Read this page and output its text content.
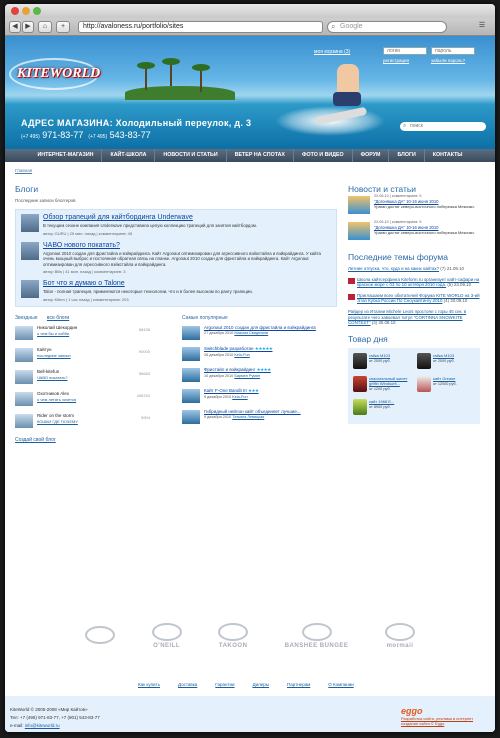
◀	▶	⌂	+	http://avaloness.ru/portfolio/sites
⌕	Google	☰
KITEWORLD
АДРЕС МАГАЗИНА: Холодильный переулок, д. 3
(+7 495) 971-83-77 (+7 495) 543-83-77
моя корзина (3)	логин	пароль
регистрация	забыли пароль?
⌕ поиск
ИНТЕРНЕТ-МАГАЗИН	КАЙТ-ШКОЛА	НОВОСТИ И СТАТЬИ	ВЕТЕР НА СПОТАХ	ФОТО И ВИДЕО	ФОРУМ	БЛОГИ	КОНТАКТЫ
Главная
Блоги
Последние записи блоггеров
Обзор трапеций для кайтбординга Underwave
В текущем сезоне компания Underwave представила целую коллекцию трапеций для занятия кайтбордом.
автор GURU | 25 мин. назад | комментариев: 45
ЧАВО нового покатать?
Argonaut 2010 создан для фристайла и вэйкрайдинга. Кайт Argonaut оптимизирован для агрессивного вэйкстайла и вэйкрайдинга. У кайта очень мощный выброс и постоянная обратная связь на планке. Argonaut 2010 создан для фристайла и вэйкрайдинга. Кайт Argonaut оптимизирован для агрессивного вэйкстайла и вэйкрайдинга.
автор Bills | 41 мин. назад | комментариев: 3
Бот что я думаю о Talone
Talon - полная трапеция, применяются некоторые технологии, что и в более высоком по рангу трапеции.
автор Kitten | 1 час назад | комментариев: 203
Звездные все блоги
Николай Шекордин
о чем бы и хобби
58438
Кайтун
последние записи
90000
Bell-kitefun
ЧАВО покатать?
56683
Охотников Alex
о чем летать хочется
408763
Rider on the storm
КОШКИ ГДЕ ПОЧЕМУ
5904
Создай свой блог
Самые популярные
Argonaut 2010 создан для фристайла и вэйкрайдинга
27 декабря 2010 Максим Свиденков
Switchblade разработан ★★★★★
26 декабря 2010 Kelo-Fun
Фристайл и вэйкрайдинг ★★★★
10 декабря 2010 Бармен Румян
Кайт F-One Bandit III ★★★
9 декабря 2010 Kelo-Fun
Гибридный нейлон кайт объединяет лучшие...
9 декабря 2010 Татьяна Левицкая
Новости и статьи
22.06.10 | комментариев: 5
"Догоняшка ДА" 10-16 июня 2010
Ураган достиг северо-восточного побережья Мексики.
22.06.10 | комментариев: 5
"Догоняшка ДА" 10-16 июня 2010
Ураган достиг северо-восточного побережья Мексики.
Последние темы форума
Летние отпуска, что, куда и на каких кайтах? (7) 21.09.10
Школа кайтсерфинга Kiteform.ru организует кайт-сафари на красное море с 03 по 10 октября 2010 года. (5) 23.09.10
Приглашаем всех обитателей Форума KITE WORLD на 3-ий Этап Кубка России По Сноукайтингу 2010 (4) 30.09.10
Райдер из Италии Michele Leoni простоял с горы 45 сек. в результате чего завоевал титул "CORTINNA SNOWKITE CONTEST" (3) 30.09.10
Товар дня
гайка М103
от 2000 руб.
гайка М103
от 2000 руб.
спасательный жилет griffin Windsurfi...
от 1200 руб.
кайт Grease
от 12000 руб.
кайт 1968 Е...
от 8900 руб.
O'NEILL	TAKOON	BANSHEE BUNGEE	mormaii
Как купить	Доставка	Гарантии	Дилеры	Партнерам	О Компании
KiteWorld © 2005-2008 «Мир Кайтов»
Тел: +7 (495) 971-83-77, +7 (901) 543-83-77
e-mail: info@kiteworld.ru
eggo
Разработка сайта, реклама в интернет создание сайта © Eggo
